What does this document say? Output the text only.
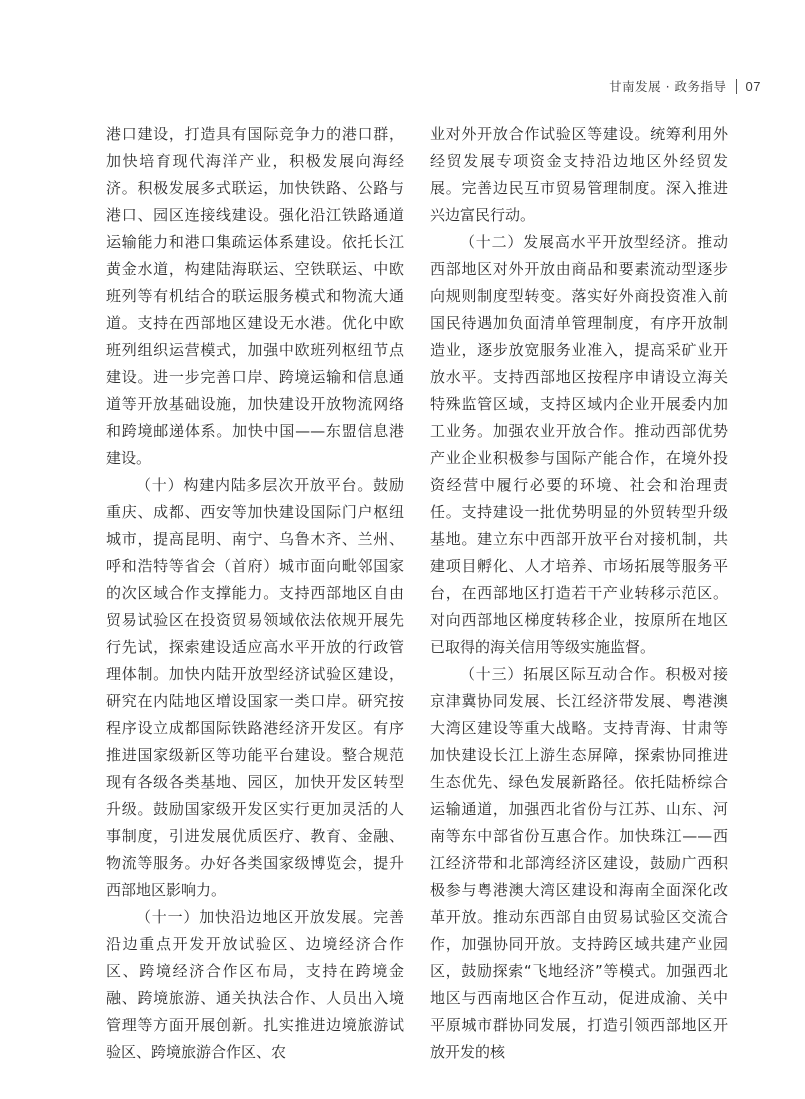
甘南发展 · 政务指导 07

港口建设，打造具有国际竞争力的港口群，加快培育现代海洋产业，积极发展向海经济。积极发展多式联运，加快铁路、公路与港口、园区连接线建设。强化沿江铁路通道运输能力和港口集疏运体系建设。依托长江黄金水道，构建陆海联运、空铁联运、中欧班列等有机结合的联运服务模式和物流大通道。支持在西部地区建设无水港。优化中欧班列组织运营模式，加强中欧班列枢纽节点建设。进一步完善口岸、跨境运输和信息通道等开放基础设施，加快建设开放物流网络和跨境邮递体系。加快中国——东盟信息港建设。

（十）构建内陆多层次开放平台。鼓励重庆、成都、西安等加快建设国际门户枢纽城市，提高昆明、南宁、乌鲁木齐、兰州、呼和浩特等省会（首府）城市面向毗邻国家的次区域合作支撑能力。支持西部地区自由贸易试验区在投资贸易领域依法依规开展先行先试，探索建设适应高水平开放的行政管理体制。加快内陆开放型经济试验区建设，研究在内陆地区增设国家一类口岸。研究按程序设立成都国际铁路港经济开发区。有序推进国家级新区等功能平台建设。整合规范现有各级各类基地、园区，加快开发区转型升级。鼓励国家级开发区实行更加灵活的人事制度，引进发展优质医疗、教育、金融、物流等服务。办好各类国家级博览会，提升西部地区影响力。

（十一）加快沿边地区开放发展。完善沿边重点开发开放试验区、边境经济合作区、跨境经济合作区布局，支持在跨境金融、跨境旅游、通关执法合作、人员出入境管理等方面开展创新。扎实推进边境旅游试验区、跨境旅游合作区、农

业对外开放合作试验区等建设。统筹利用外经贸发展专项资金支持沿边地区外经贸发展。完善边民互市贸易管理制度。深入推进兴边富民行动。

（十二）发展高水平开放型经济。推动西部地区对外开放由商品和要素流动型逐步向规则制度型转变。落实好外商投资准入前国民待遇加负面清单管理制度，有序开放制造业，逐步放宽服务业准入，提高采矿业开放水平。支持西部地区按程序申请设立海关特殊监管区域，支持区域内企业开展委内加工业务。加强农业开放合作。推动西部优势产业企业积极参与国际产能合作，在境外投资经营中履行必要的环境、社会和治理责任。支持建设一批优势明显的外贸转型升级基地。建立东中西部开放平台对接机制，共建项目孵化、人才培养、市场拓展等服务平台，在西部地区打造若干产业转移示范区。对向西部地区梯度转移企业，按原所在地区已取得的海关信用等级实施监督。

（十三）拓展区际互动合作。积极对接京津冀协同发展、长江经济带发展、粤港澳大湾区建设等重大战略。支持青海、甘肃等加快建设长江上游生态屏障，探索协同推进生态优先、绿色发展新路径。依托陆桥综合运输通道，加强西北省份与江苏、山东、河南等东中部省份互惠合作。加快珠江——西江经济带和北部湾经济区建设，鼓励广西积极参与粤港澳大湾区建设和海南全面深化改革开放。推动东西部自由贸易试验区交流合作，加强协同开放。支持跨区域共建产业园区，鼓励探索“飞地经济”等模式。加强西北地区与西南地区合作互动，促进成渝、关中平原城市群协同发展，打造引领西部地区开放开发的核
